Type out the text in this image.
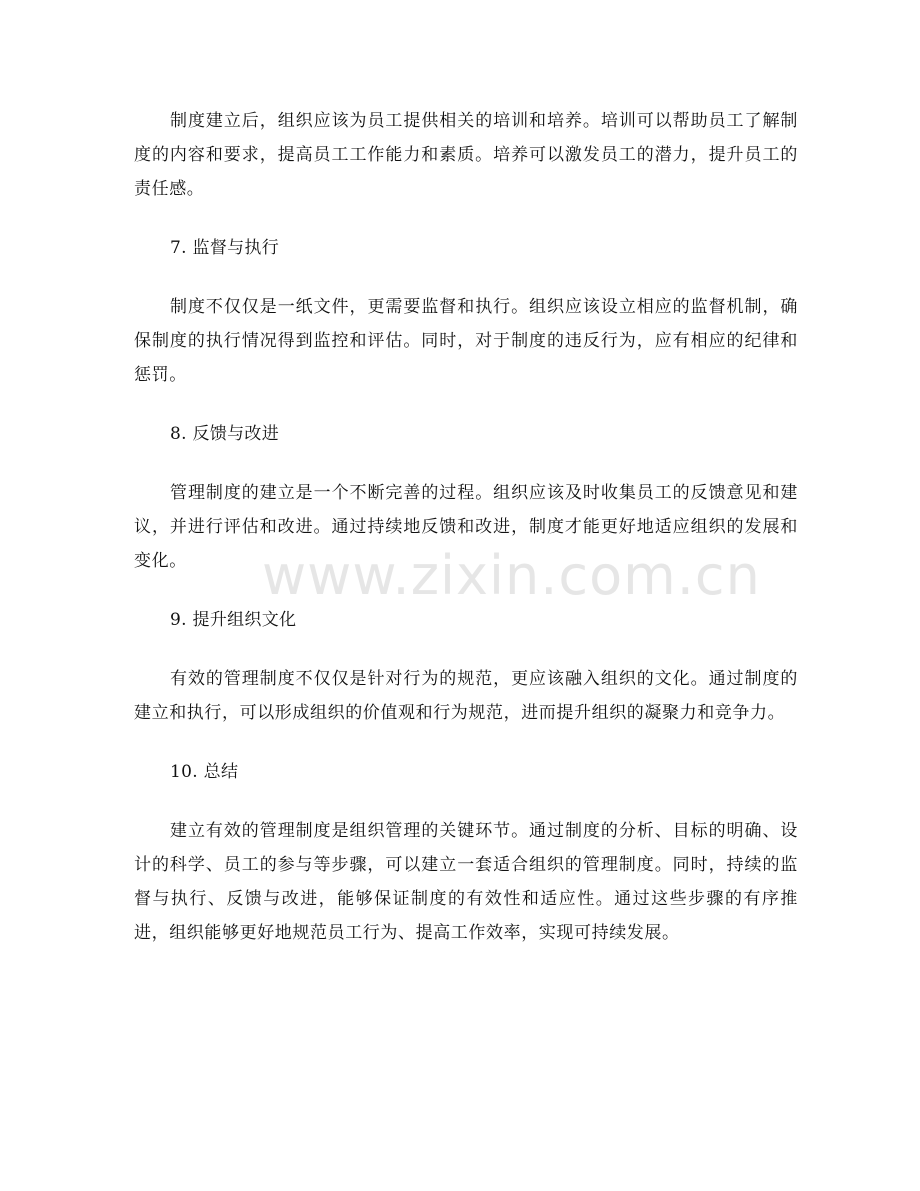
制度建立后，组织应该为员工提供相关的培训和培养。培训可以帮助员工了解制度的内容和要求，提高员工工作能力和素质。培养可以激发员工的潜力，提升员工的责任感。

7. 监督与执行

制度不仅仅是一纸文件，更需要监督和执行。组织应该设立相应的监督机制，确保制度的执行情况得到监控和评估。同时，对于制度的违反行为，应有相应的纪律和惩罚。

8. 反馈与改进

管理制度的建立是一个不断完善的过程。组织应该及时收集员工的反馈意见和建议，并进行评估和改进。通过持续地反馈和改进，制度才能更好地适应组织的发展和变化。

9. 提升组织文化

有效的管理制度不仅仅是针对行为的规范，更应该融入组织的文化。通过制度的建立和执行，可以形成组织的价值观和行为规范，进而提升组织的凝聚力和竞争力。

10. 总结

建立有效的管理制度是组织管理的关键环节。通过制度的分析、目标的明确、设计的科学、员工的参与等步骤，可以建立一套适合组织的管理制度。同时，持续的监督与执行、反馈与改进，能够保证制度的有效性和适应性。通过这些步骤的有序推进，组织能够更好地规范员工行为、提高工作效率，实现可持续发展。

www.zixin.com.cn
